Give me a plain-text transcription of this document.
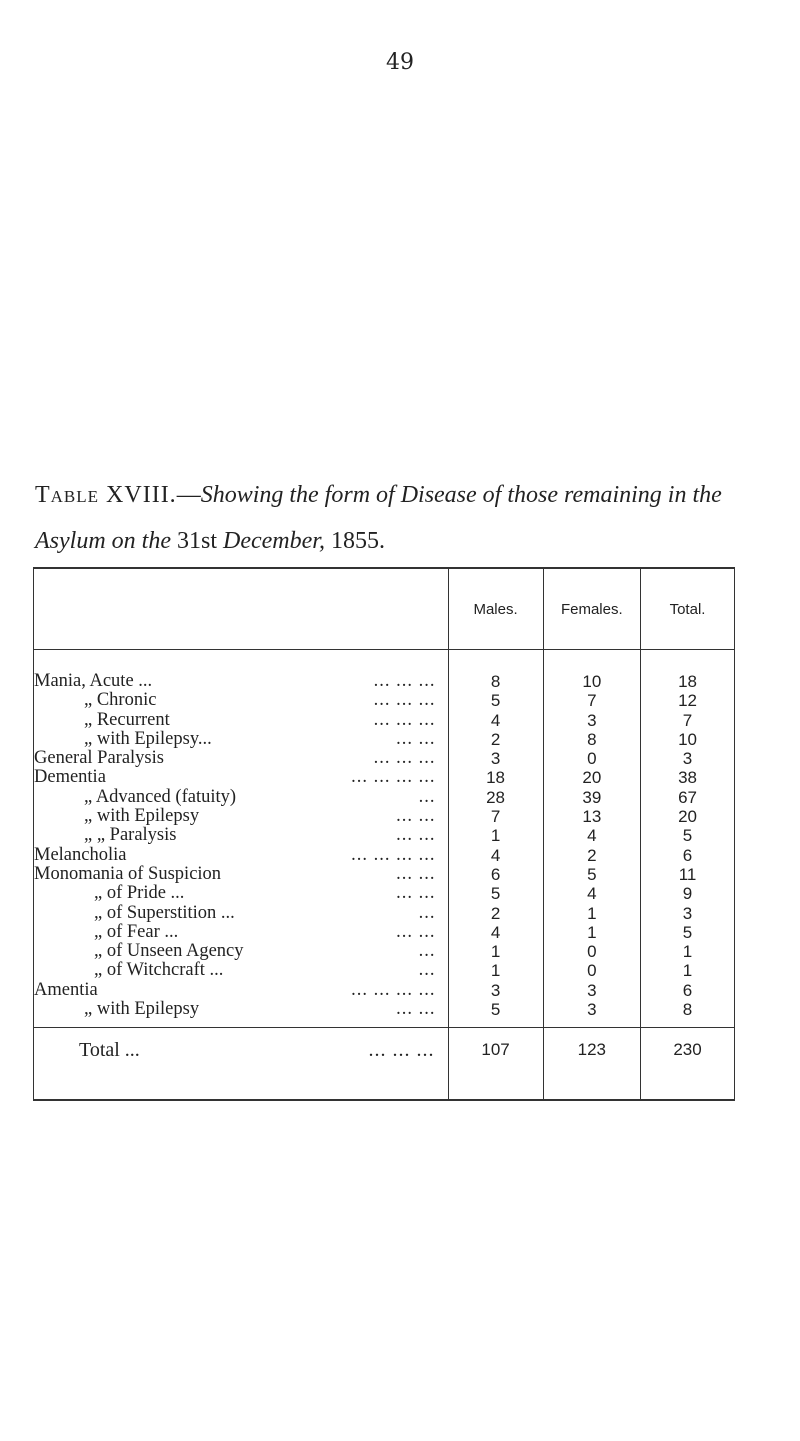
49
Table XVIII.—Showing the form of Disease of those remaining in the Asylum on the 31st December, 1855.
	Males.	Females.	Total.
Mania, Acute ... ... ... ...	8	10	18
„ Chronic ... ... ...	5	7	12
„ Recurrent ... ... ...	4	3	7
„ with Epilepsy... ... ...	2	8	10
General Paralysis ... ... ...	3	0	3
Dementia ... ... ... ...	18	20	38
„ Advanced (fatuity) ...	28	39	67
„ with Epilepsy ... ...	7	13	20
„ „ Paralysis ... ...	1	4	5
Melancholia ... ... ... ...	4	2	6
Monomania of Suspicion ... ...	6	5	11
„ of Pride ... ... ...	5	4	9
„ of Superstition ... ...	2	1	3
„ of Fear ... ... ...	4	1	5
„ of Unseen Agency ...	1	0	1
„ of Witchcraft ... ...	1	0	1
Amentia ... ... ... ...	3	3	6
„ with Epilepsy ... ...	5	3	8
Total ... ... ... ...	107	123	230
